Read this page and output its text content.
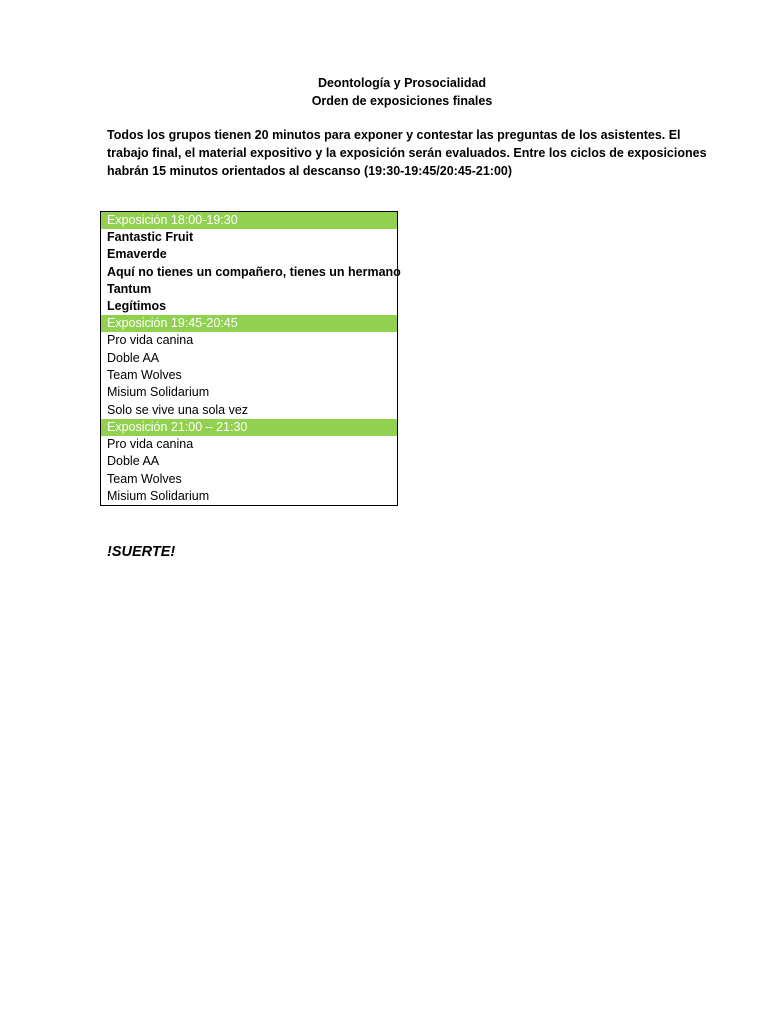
Deontología y Prosocialidad
Orden de exposiciones finales

Todos los grupos tienen 20 minutos para exponer y contestar las preguntas de los asistentes. El trabajo final, el material expositivo y la exposición serán evaluados. Entre los ciclos de exposiciones habrán 15 minutos orientados al descanso (19:30-19:45/20:45-21:00)

Exposición 18:00-19:30
Fantastic Fruit
Emaverde
Aquí no tienes un compañero, tienes un hermano
Tantum
Legítimos
Exposición 19:45-20:45
Pro vida canina
Doble AA
Team Wolves
Misium Solidarium
Solo se vive una sola vez
Exposición 21:00 – 21:30
Pro vida canina
Doble AA
Team Wolves
Misium Solidarium
!SUERTE!
